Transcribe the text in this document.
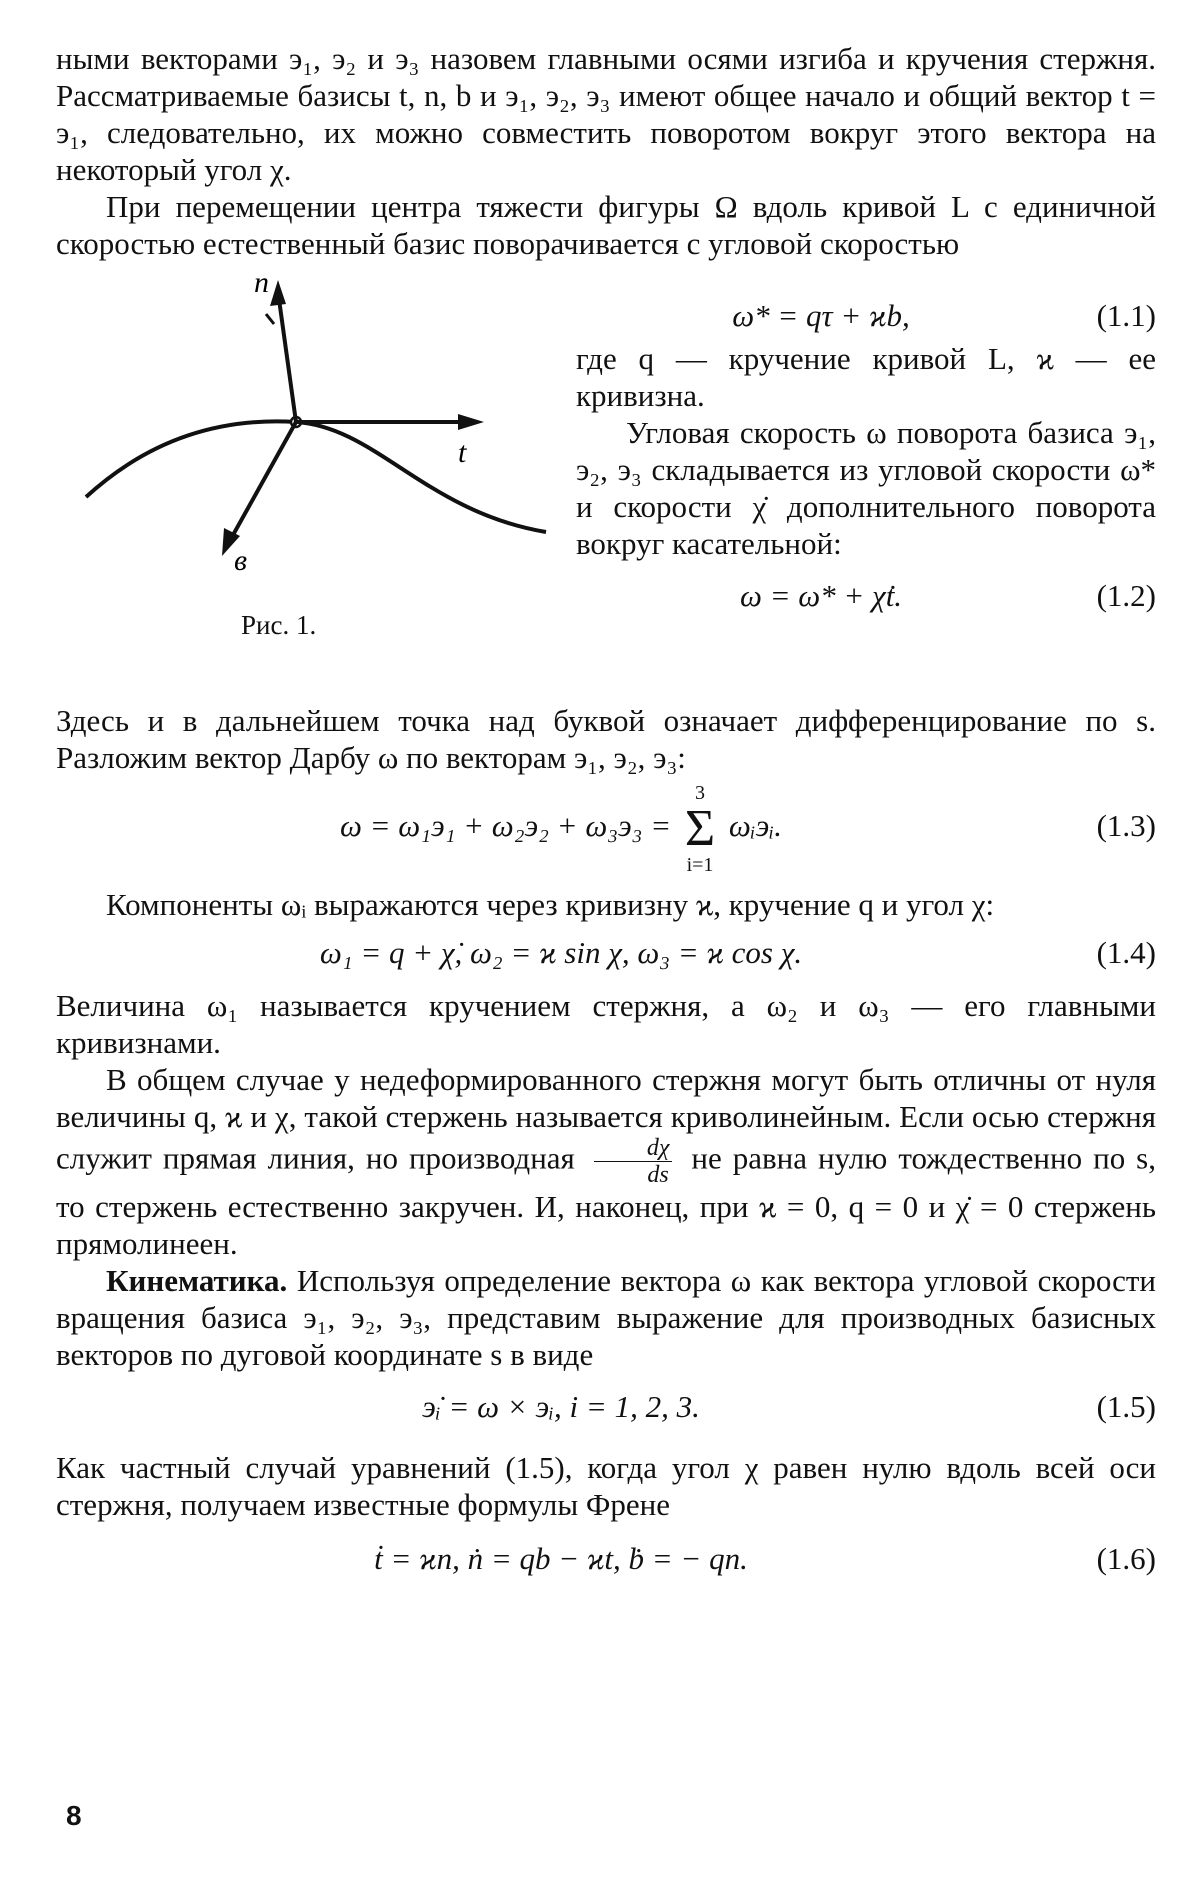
ными векторами э₁, э₂ и э₃ назовем главными осями изгиба и кручения стержня. Рассматриваемые базисы t, n, b и э₁, э₂, э₃ имеют общее начало и общий вектор t = э₁, следовательно, их можно совместить поворотом вокруг этого вектора на некоторый угол χ.

При перемещении центра тяжести фигуры Ω вдоль кривой L с единичной скоростью естественный базис поворачивается с угловой скоростью

n
t
в
Рис. 1.
ω* = qτ + ϰb,	(1.1)

где q — кручение кривой L, ϰ — ее кривизна.

Угловая скорость ω поворота базиса э₁, э₂, э₃ складывается из угловой скорости ω* и скорости χ̇ дополнительного поворота вокруг касательной:

ω = ω* + χ̇t.	(1.2)

Здесь и в дальнейшем точка над буквой означает дифференцирование по s. Разложим вектор Дарбу ω по векторам э₁, э₂, э₃:

ω = ω₁э₁ + ω₂э₂ + ω₃э₃ =
3
Σ
i=1
ωᵢэᵢ.	(1.3)

Компоненты ωᵢ выражаются через кривизну ϰ, кручение q и угол χ:

ω₁ = q + χ̇, ω₂ = ϰ sin χ, ω₃ = ϰ cos χ.	(1.4)

Величина ω₁ называется кручением стержня, а ω₂ и ω₃ — его главными кривизнами.

В общем случае у недеформированного стержня могут быть отличны от нуля величины q, ϰ и χ, такой стержень называется криволинейным. Если осью стержня служит прямая линия, но производная $\frac{d\chi}{ds}$ не равна нулю тождественно по s, то стержень естественно закручен. И, наконец, при ϰ = 0, q = 0 и χ̇ = 0 стержень прямолинеен.

Кинематика. Используя определение вектора ω как вектора угловой скорости вращения базиса э₁, э₂, э₃, представим выражение для производных базисных векторов по дуговой координате s в виде

э̇ᵢ = ω × эᵢ, i = 1, 2, 3.	(1.5)

Как частный случай уравнений (1.5), когда угол χ равен нулю вдоль всей оси стержня, получаем известные формулы Френе

ṫ = ϰn, ṅ = qb − ϰt, ḃ = − qn.	(1.6)
8
